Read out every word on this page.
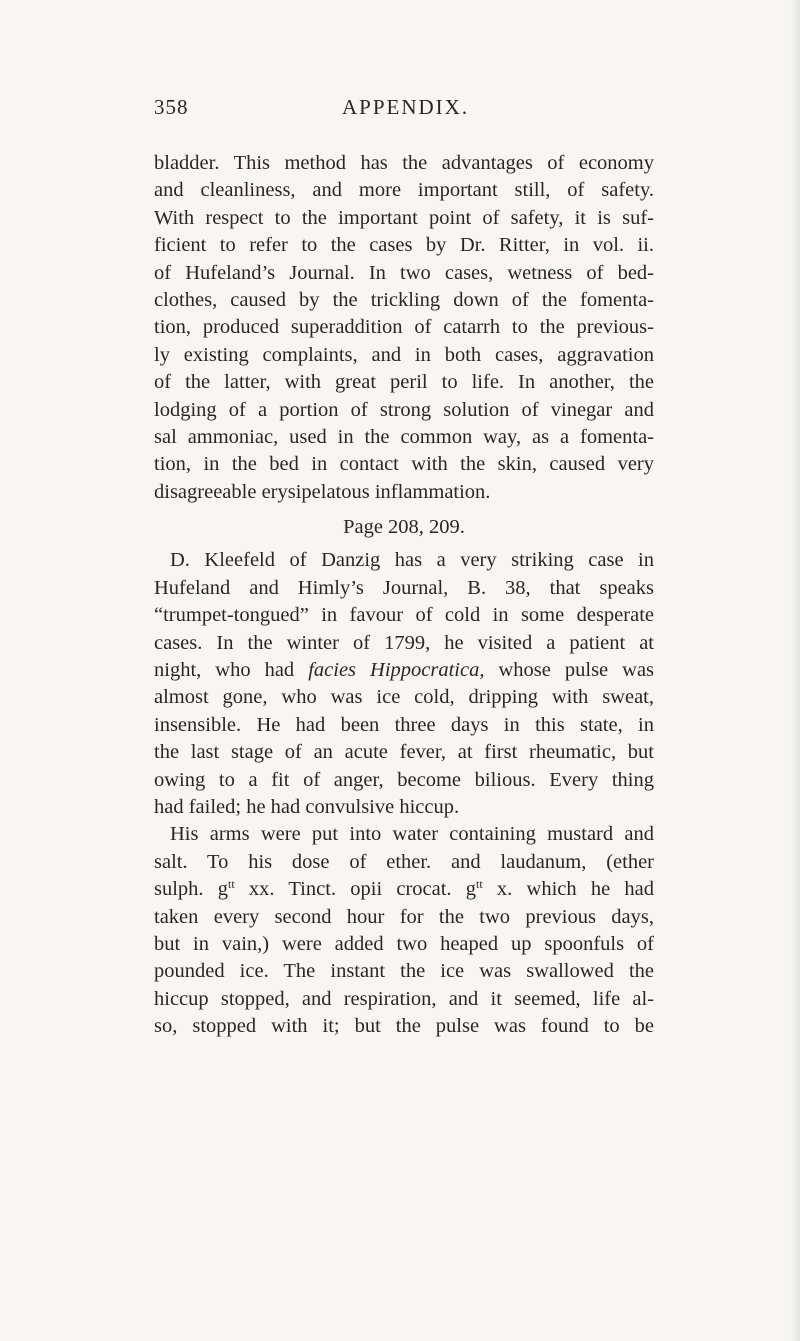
358	APPENDIX.
bladder. This method has the advantages of economy
and cleanliness, and more important still, of safety.
With respect to the important point of safety, it is suf-
ficient to refer to the cases by Dr. Ritter, in vol. ii.
of Hufeland’s Journal. In two cases, wetness of bed-
clothes, caused by the trickling down of the fomenta-
tion, produced superaddition of catarrh to the previous-
ly existing complaints, and in both cases, aggravation
of the latter, with great peril to life. In another, the
lodging of a portion of strong solution of vinegar and
sal ammoniac, used in the common way, as a fomenta-
tion, in the bed in contact with the skin, caused very
disagreeable erysipelatous inflammation.
Page 208, 209.
D. Kleefeld of Danzig has a very striking case in
Hufeland and Himly’s Journal, B. 38, that speaks
“trumpet-tongued” in favour of cold in some desperate
cases. In the winter of 1799, he visited a patient at
night, who had facies Hippocratica, whose pulse was
almost gone, who was ice cold, dripping with sweat,
insensible. He had been three days in this state, in
the last stage of an acute fever, at first rheumatic, but
owing to a fit of anger, become bilious. Every thing
had failed; he had convulsive hiccup.
His arms were put into water containing mustard and
salt. To his dose of ether. and laudanum, (ether
sulph. $g^{tt}$ xx. Tinct. opii crocat. $g^{tt}$ x. which he had
taken every second hour for the two previous days,
but in vain,) were added two heaped up spoonfuls of
pounded ice. The instant the ice was swallowed the
hiccup stopped, and respiration, and it seemed, life al-
so, stopped with it; but the pulse was found to be
